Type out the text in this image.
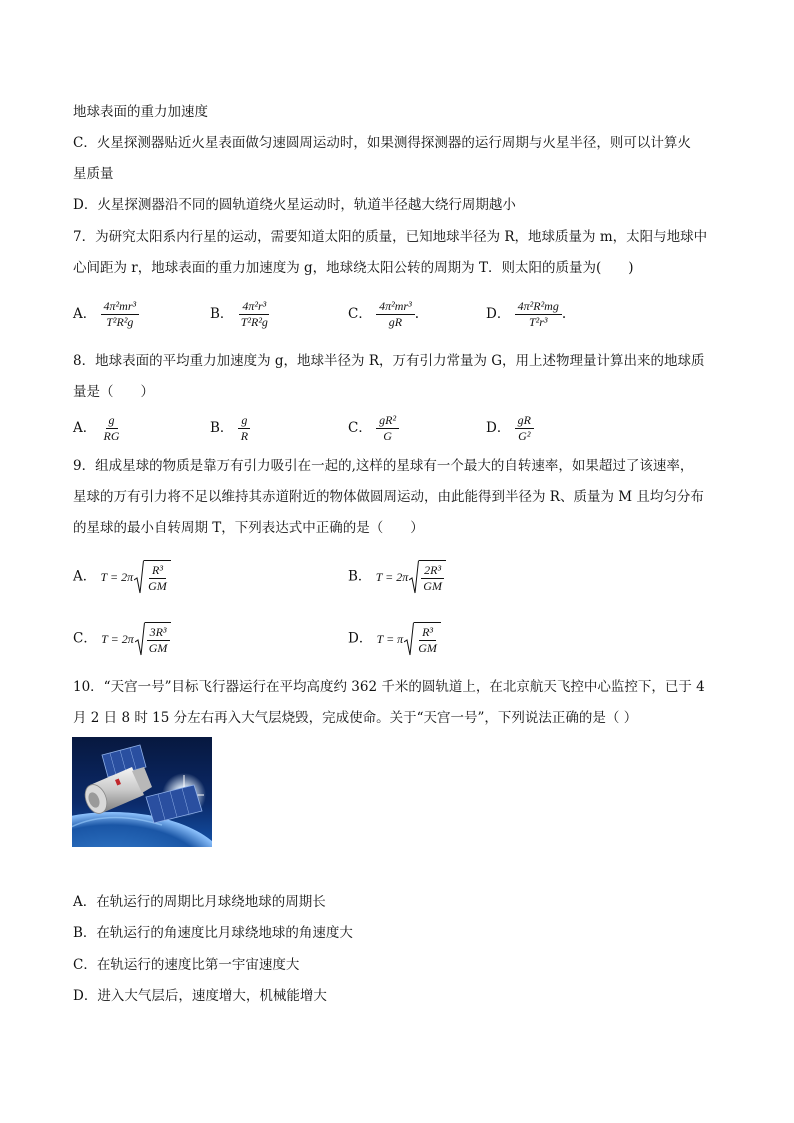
地球表面的重力加速度
C．火星探测器贴近火星表面做匀速圆周运动时，如果测得探测器的运行周期与火星半径，则可以计算火
星质量
D．火星探测器沿不同的圆轨道绕火星运动时，轨道半径越大绕行周期越小
7．为研究太阳系内行星的运动，需要知道太阳的质量，已知地球半径为 R，地球质量为 m，太阳与地球中
心间距为 r，地球表面的重力加速度为 g，地球绕太阳公转的周期为 T．则太阳的质量为(　　)
A． $\frac{\text{4π²mr³}}{\text{T²R²g}}$	B． $\frac{\text{4π²r³}}{\text{T²R²g}}$	C． $\frac{\text{4π²mr³}}{gR}$ .	D． $\frac{\text{4π²R²mg}}{\text{T²r³}}$ .
8．地球表面的平均重力加速度为 g，地球半径为 R，万有引力常量为 G，用上述物理量计算出来的地球质
量是（　　）
A． $\frac{g}{RG}$	B． $\frac{g}{R}$	C． $\frac{\text{gR²}}{G}$	D． $\frac{gR}{\text{G²}}$
9．组成星球的物质是靠万有引力吸引在一起的,这样的星球有一个最大的自转速率，如果超过了该速率，
星球的万有引力将不足以维持其赤道附近的物体做圆周运动，由此能得到半径为 R、质量为 M 且均匀分布
的星球的最小自转周期 T，下列表达式中正确的是（　　）
A． $T = 2\pi \frac{\text{R³}}{GM}$	B． $T = 2\pi \frac{\text{2R³}}{GM}$
C． $T = 2\pi \frac{\text{3R³}}{GM}$	D． T = π $\frac{\text{R³}}{GM}$
10．“天宫一号”目标飞行器运行在平均高度约 362 千米的圆轨道上，在北京航天飞控中心监控下，已于 4
月 2 日 8 时 15 分左右再入大气层烧毁，完成使命。关于“天宫一号”，下列说法正确的是（ ）
A．在轨运行的周期比月球绕地球的周期长
B．在轨运行的角速度比月球绕地球的角速度大
C．在轨运行的速度比第一宇宙速度大
D．进入大气层后，速度增大，机械能增大
